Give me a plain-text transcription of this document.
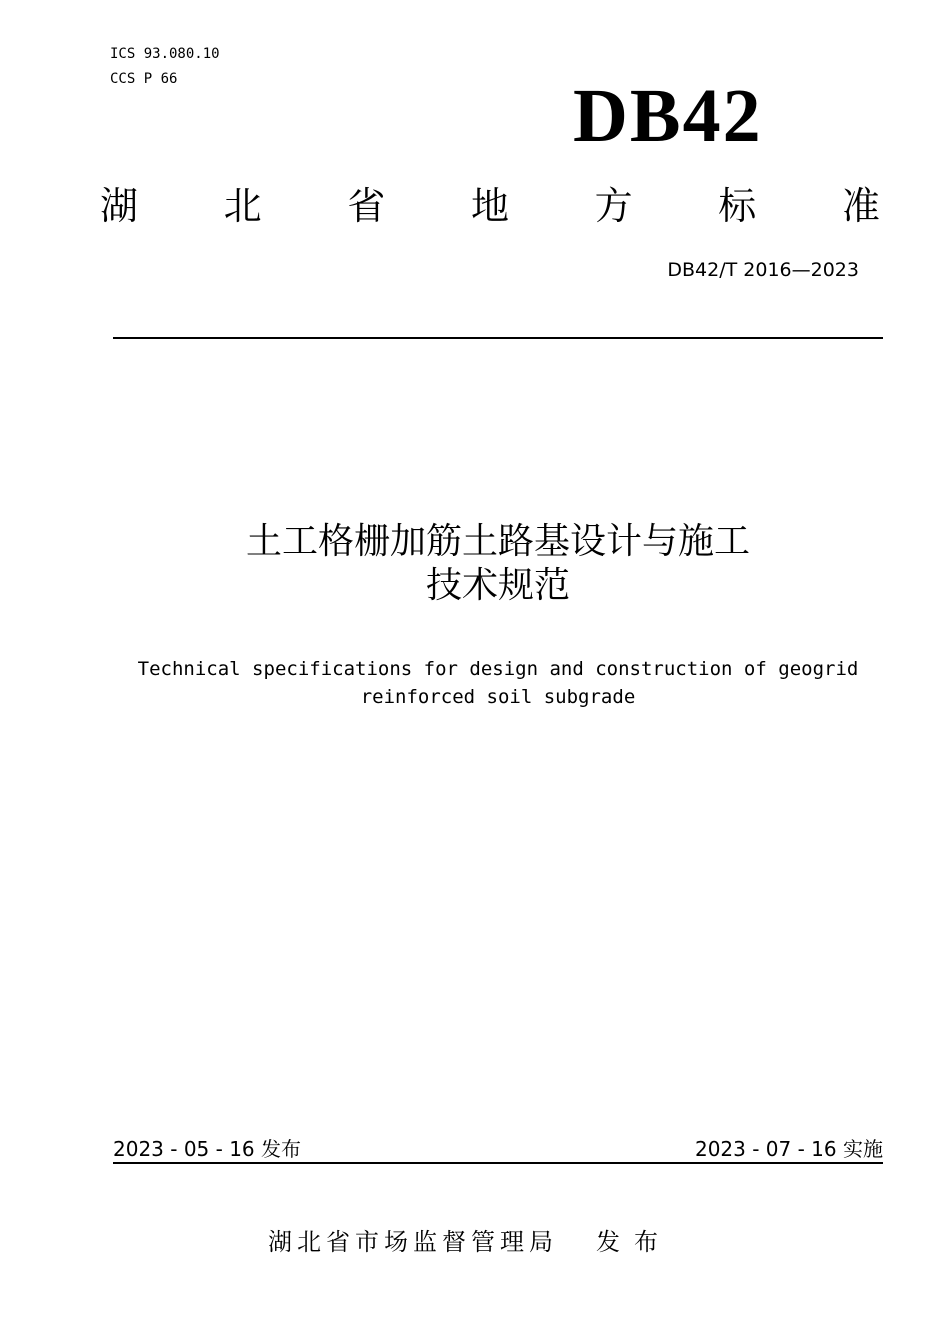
ICS 93.080.10
CCS P 66	DB42
湖 北 省 地 方 标 准
DB42/T 2016—2023
土工格栅加筋土路基设计与施工
技术规范
Technical specifications for design and construction of geogrid
reinforced soil subgrade
2023 - 05 - 16 发布	2023 - 07 - 16 实施
湖北省市场监督管理局 发布
